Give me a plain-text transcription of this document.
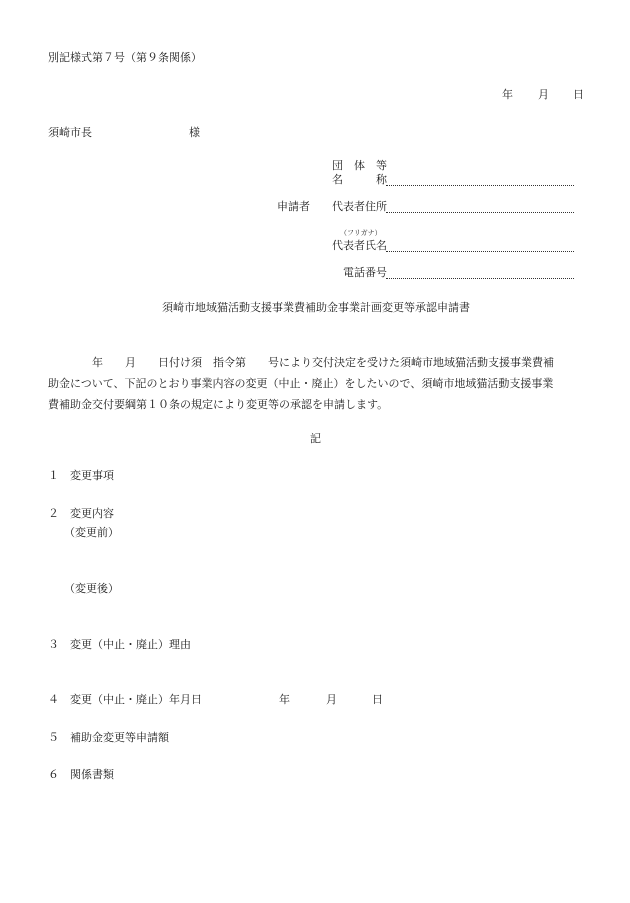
別記様式第７号（第９条関係）
年 月 日
須崎市長	様
団　体　等
名　　　称
申請者 代表者住所
（フリガナ）
代表者氏名
電話番号
須崎市地域猫活動支援事業費補助金事業計画変更等承認申請書
　　　　年　　月　　日付け須　指令第　　号により交付決定を受けた須崎市地域猫活動支援事業費補
助金について、下記のとおり事業内容の変更（中止・廃止）をしたいので、須崎市地域猫活動支援事業
費補助金交付要綱第１０条の規定により変更等の承認を申請します。
記
１　変更事項
２　変更内容
（変更前）
（変更後）
３　変更（中止・廃止）理由
４　変更（中止・廃止）年月日	年	月	日
５　補助金変更等申請額
６　関係書類
